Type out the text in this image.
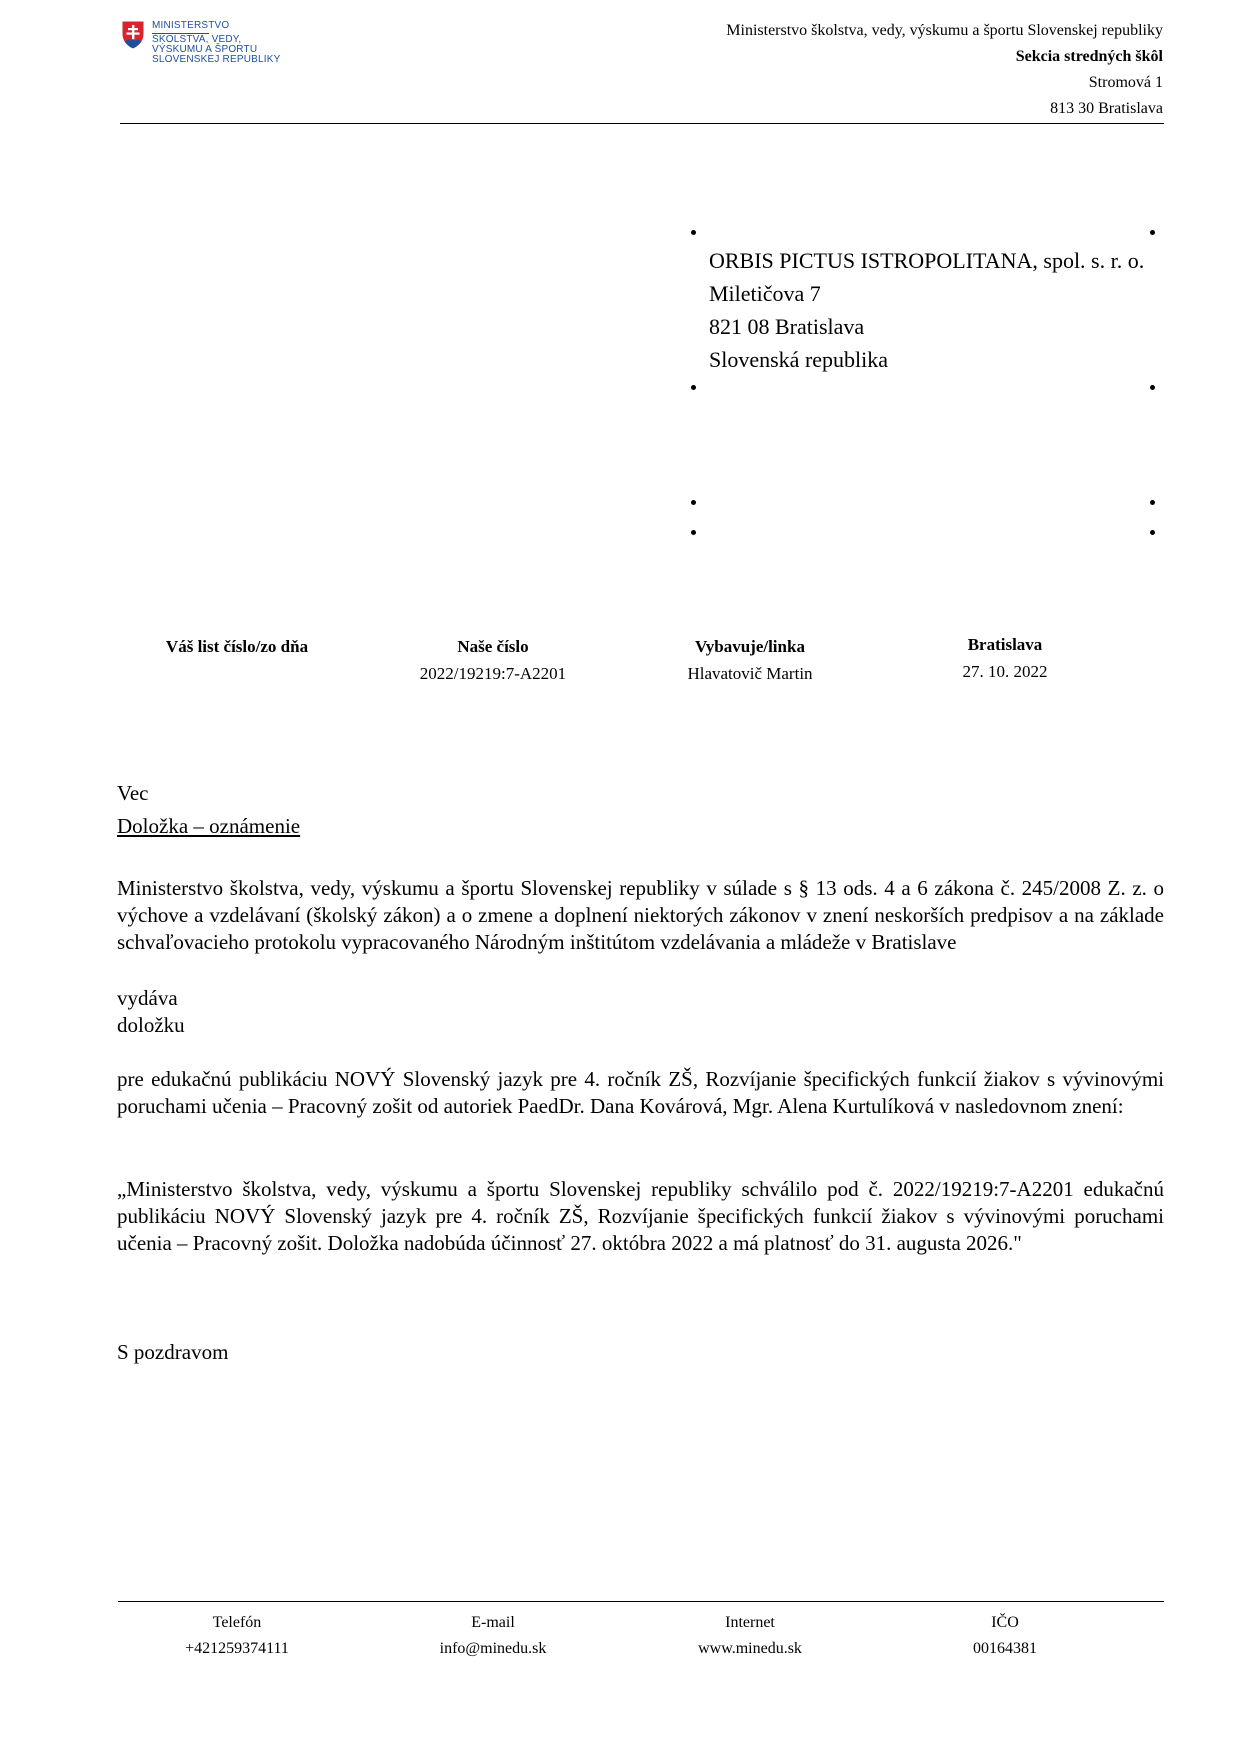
MINISTERSTVO
ŠKOLSTVA, VEDY,
VÝSKUMU A ŠPORTU
SLOVENSKEJ REPUBLIKY
Ministerstvo školstva, vedy, výskumu a športu Slovenskej republiky
Sekcia stredných škôl
Stromová 1
813 30 Bratislava
ORBIS PICTUS ISTROPOLITANA, spol. s. r. o.
Miletičova 7
821 08 Bratislava
Slovenská republika
Váš list číslo/zo dňa	Naše číslo
2022/19219:7-A2201
Vybavuje/linka
Hlavatovič Martin
Bratislava
27. 10. 2022
Vec
Doložka – oznámenie
Ministerstvo školstva, vedy, výskumu a športu Slovenskej republiky v súlade s § 13 ods. 4 a 6 zákona č. 245/2008 Z. z. o výchove a vzdelávaní (školský zákon) a o zmene a doplnení niektorých zákonov v znení neskorších predpisov a na základe schvaľovacieho protokolu vypracovaného Národným inštitútom vzdelávania a mládeže v Bratislave
vydáva
doložku
pre edukačnú publikáciu NOVÝ Slovenský jazyk pre 4. ročník ZŠ, Rozvíjanie špecifických funkcií žiakov s vývinovými poruchami učenia – Pracovný zošit od autoriek PaedDr. Dana Kovárová, Mgr. Alena Kurtulíková v nasledovnom znení:
„Ministerstvo školstva, vedy, výskumu a športu Slovenskej republiky schválilo pod č. 2022/19219:7-A2201 edukačnú publikáciu NOVÝ Slovenský jazyk pre 4. ročník ZŠ, Rozvíjanie špecifických funkcií žiakov s vývinovými poruchami učenia – Pracovný zošit. Doložka nadobúda účinnosť 27. októbra 2022 a má platnosť do 31. augusta 2026."
S pozdravom
Telefón
+421259374111
E-mail
info@minedu.sk
Internet
www.minedu.sk
IČO
00164381
